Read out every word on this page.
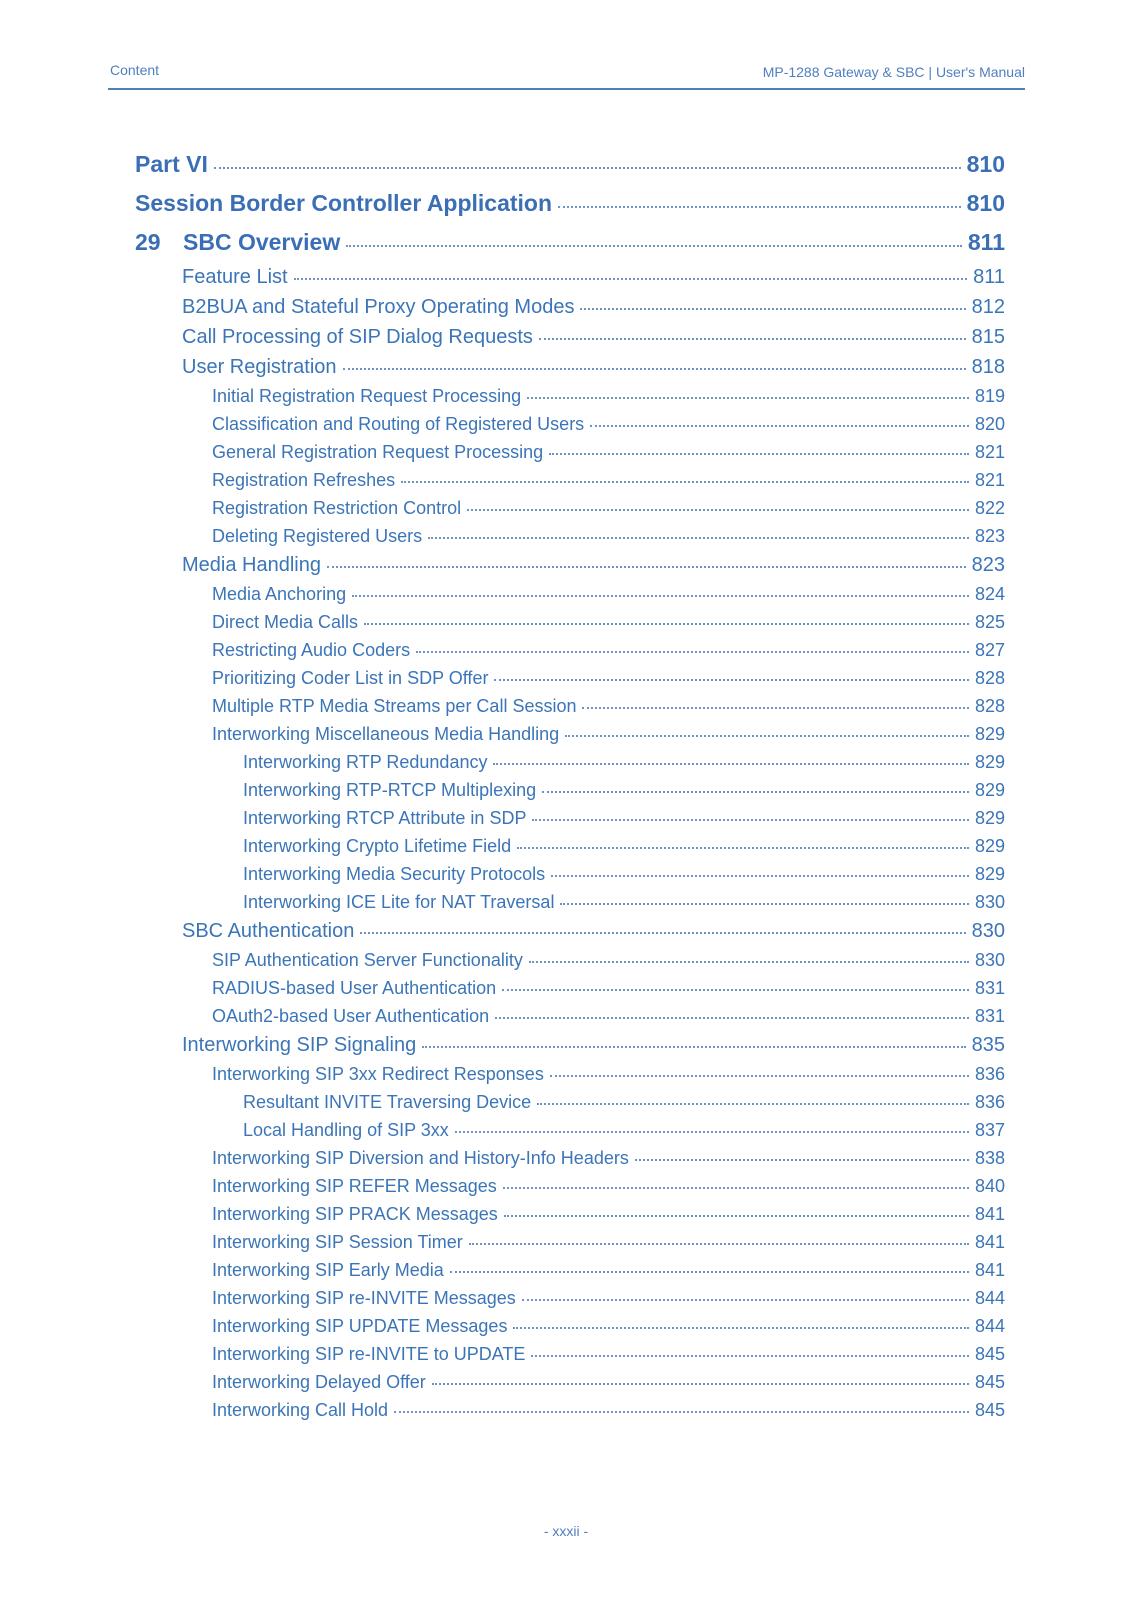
Content	MP-1288 Gateway & SBC | User's Manual
Part VI	810
Session Border Controller Application	810
29 SBC Overview	811
Feature List	811
B2BUA and Stateful Proxy Operating Modes	812
Call Processing of SIP Dialog Requests	815
User Registration	818
Initial Registration Request Processing	819
Classification and Routing of Registered Users	820
General Registration Request Processing	821
Registration Refreshes	821
Registration Restriction Control	822
Deleting Registered Users	823
Media Handling	823
Media Anchoring	824
Direct Media Calls	825
Restricting Audio Coders	827
Prioritizing Coder List in SDP Offer	828
Multiple RTP Media Streams per Call Session	828
Interworking Miscellaneous Media Handling	829
Interworking RTP Redundancy	829
Interworking RTP-RTCP Multiplexing	829
Interworking RTCP Attribute in SDP	829
Interworking Crypto Lifetime Field	829
Interworking Media Security Protocols	829
Interworking ICE Lite for NAT Traversal	830
SBC Authentication	830
SIP Authentication Server Functionality	830
RADIUS-based User Authentication	831
OAuth2-based User Authentication	831
Interworking SIP Signaling	835
Interworking SIP 3xx Redirect Responses	836
Resultant INVITE Traversing Device	836
Local Handling of SIP 3xx	837
Interworking SIP Diversion and History-Info Headers	838
Interworking SIP REFER Messages	840
Interworking SIP PRACK Messages	841
Interworking SIP Session Timer	841
Interworking SIP Early Media	841
Interworking SIP re-INVITE Messages	844
Interworking SIP UPDATE Messages	844
Interworking SIP re-INVITE to UPDATE	845
Interworking Delayed Offer	845
Interworking Call Hold	845
- xxxii -
